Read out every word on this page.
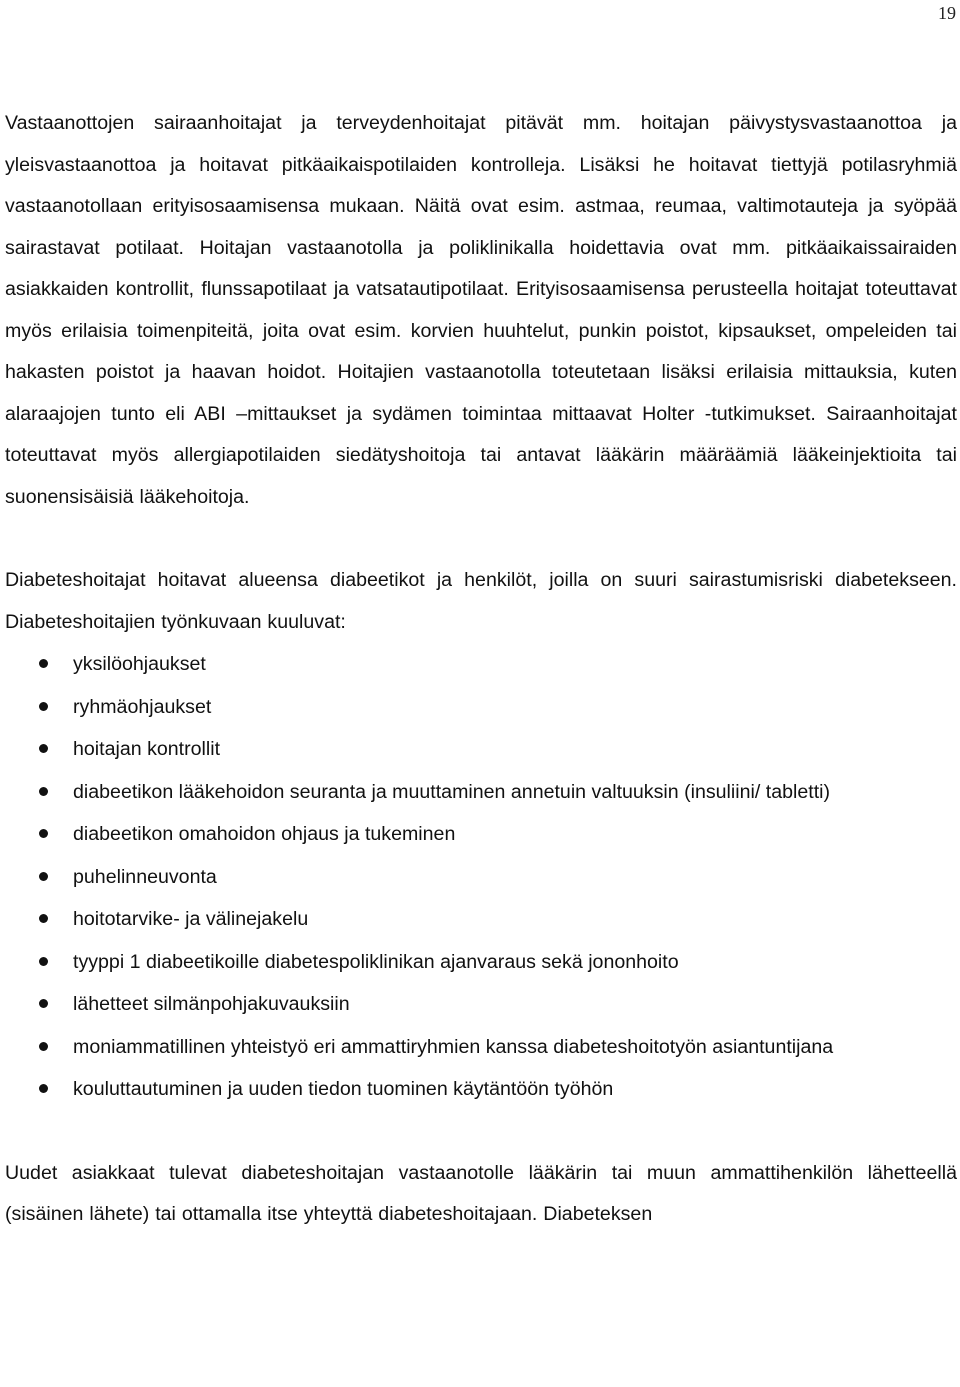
19

Vastaanottojen sairaanhoitajat ja terveydenhoitajat pitävät mm. hoitajan päivystysvastaanottoa ja yleisvastaanottoa ja hoitavat pitkäaikaispotilaiden kontrolleja. Lisäksi he hoitavat tiettyjä potilasryhmiä vastaanotollaan erityisosaamisensa mukaan. Näitä ovat esim. astmaa, reumaa, valtimotauteja ja syöpää sairastavat potilaat. Hoitajan vastaanotolla ja poliklinikalla hoidettavia ovat mm. pitkäaikaissairaiden asiakkaiden kontrollit, flunssapotilaat ja vatsatautipotilaat. Erityisosaamisensa perusteella hoitajat toteuttavat myös erilaisia toimenpiteitä, joita ovat esim. korvien huuhtelut, punkin poistot, kipsaukset, ompeleiden tai hakasten poistot ja haavan hoidot. Hoitajien vastaanotolla toteutetaan lisäksi erilaisia mittauksia, kuten alaraajojen tunto eli ABI –mittaukset ja sydämen toimintaa mittaavat Holter -tutkimukset. Sairaanhoitajat toteuttavat myös allergiapotilaiden siedätyshoitoja tai antavat lääkärin määräämiä lääkeinjektioita tai suonensisäisiä lääkehoitoja.

Diabeteshoitajat hoitavat alueensa diabeetikot ja henkilöt, joilla on suuri sairastumisriski diabetekseen. Diabeteshoitajien työnkuvaan kuuluvat:

yksilöohjaukset
ryhmäohjaukset
hoitajan kontrollit
diabeetikon lääkehoidon seuranta ja muuttaminen annetuin valtuuksin (insuliini/ tabletti)
diabeetikon omahoidon ohjaus ja tukeminen
puhelinneuvonta
hoitotarvike- ja välinejakelu
tyyppi 1 diabeetikoille diabetespoliklinikan ajanvaraus sekä jononhoito
lähetteet silmänpohjakuvauksiin
moniammatillinen yhteistyö eri ammattiryhmien kanssa diabeteshoitotyön asiantuntijana
kouluttautuminen ja uuden tiedon tuominen käytäntöön työhön

Uudet asiakkaat tulevat diabeteshoitajan vastaanotolle lääkärin tai muun ammattihenkilön lähetteellä (sisäinen lähete) tai ottamalla itse yhteyttä diabeteshoitajaan. Diabeteksen
